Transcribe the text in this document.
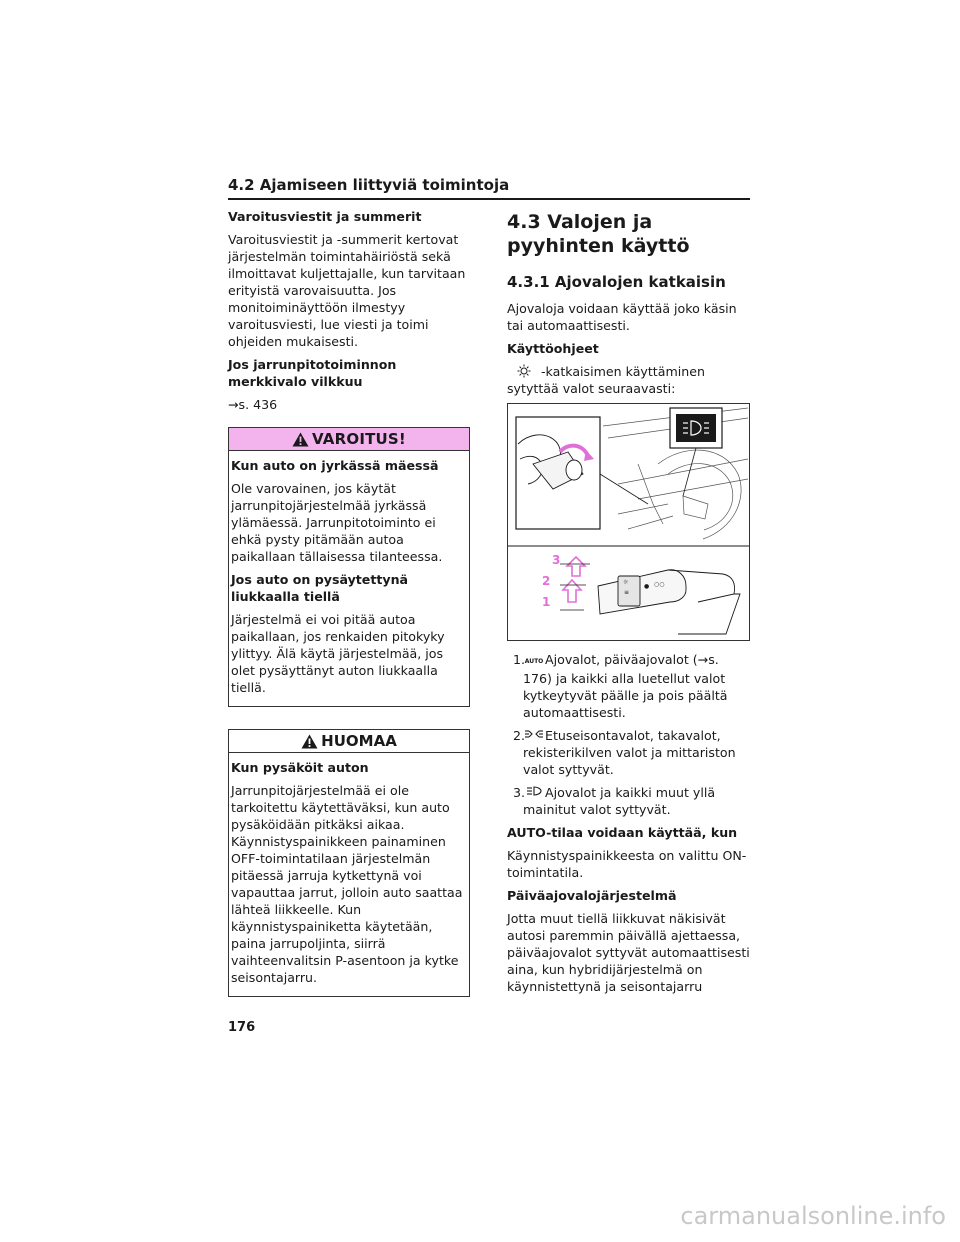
4.2 Ajamiseen liittyviä toimintoja
Varoitusviestit ja summerit

Varoitusviestit ja -summerit kertovat järjestelmän toimintahäiriöstä sekä ilmoittavat kuljettajalle, kun tarvitaan erityistä varovaisuutta. Jos monitoiminäyttöön ilmestyy varoitusviesti, lue viesti ja toimi ohjeiden mukaisesti.

Jos jarrunpitotoiminnon merkkivalo vilkkuu

→s. 436

VAROITUS!
Kun auto on jyrkässä mäessä

Ole varovainen, jos käytät jarrunpitojärjestelmää jyrkässä ylämäessä. Jarrunpitotoiminto ei ehkä pysty pitämään autoa paikallaan tällaisessa tilanteessa.

Jos auto on pysäytettynä liukkaalla tiellä

Järjestelmä ei voi pitää autoa paikallaan, jos renkaiden pitokyky ylittyy. Älä käytä järjestelmää, jos olet pysäyttänyt auton liukkaalla tiellä.

HUOMAA
Kun pysäköit auton

Jarrunpitojärjestelmää ei ole tarkoitettu käytettäväksi, kun auto pysäköidään pitkäksi aikaa. Käynnistyspainikkeen painaminen OFF-toimintatilaan järjestelmän pitäessä jarruja kytkettynä voi vapauttaa jarrut, jolloin auto saattaa lähteä liikkeelle. Kun käynnistyspainiketta käytetään, paina jarrupoljinta, siirrä vaihteenvalitsin P-asentoon ja kytke seisontajarru.

4.3 Valojen ja pyyhinten käyttö
4.3.1 Ajovalojen katkaisin

Ajovaloja voidaan käyttää joko käsin tai automaattisesti.

Käyttöohjeet

-katkaisimen käyttäminen sytyttää valot seuraavasti:

☼
≡
● ○○
3
2
1
1. AUTO Ajovalot, päiväajovalot (→s. 176) ja kaikki alla luetellut valot kytkeytyvät päälle ja pois päältä automaattisesti.
2. Etuseisontavalot, takavalot, rekisterikilven valot ja mittariston valot syttyvät.
3. Ajovalot ja kaikki muut yllä mainitut valot syttyvät.
AUTO-tilaa voidaan käyttää, kun

Käynnistyspainikkeesta on valittu ON-toimintatila.

Päiväajovalojärjestelmä

Jotta muut tiellä liikkuvat näkisivät autosi paremmin päivällä ajettaessa, päiväajovalot syttyvät automaattisesti aina, kun hybridijärjestelmä on käynnistettynä ja seisontajarru

176
carmanualsonline.info
